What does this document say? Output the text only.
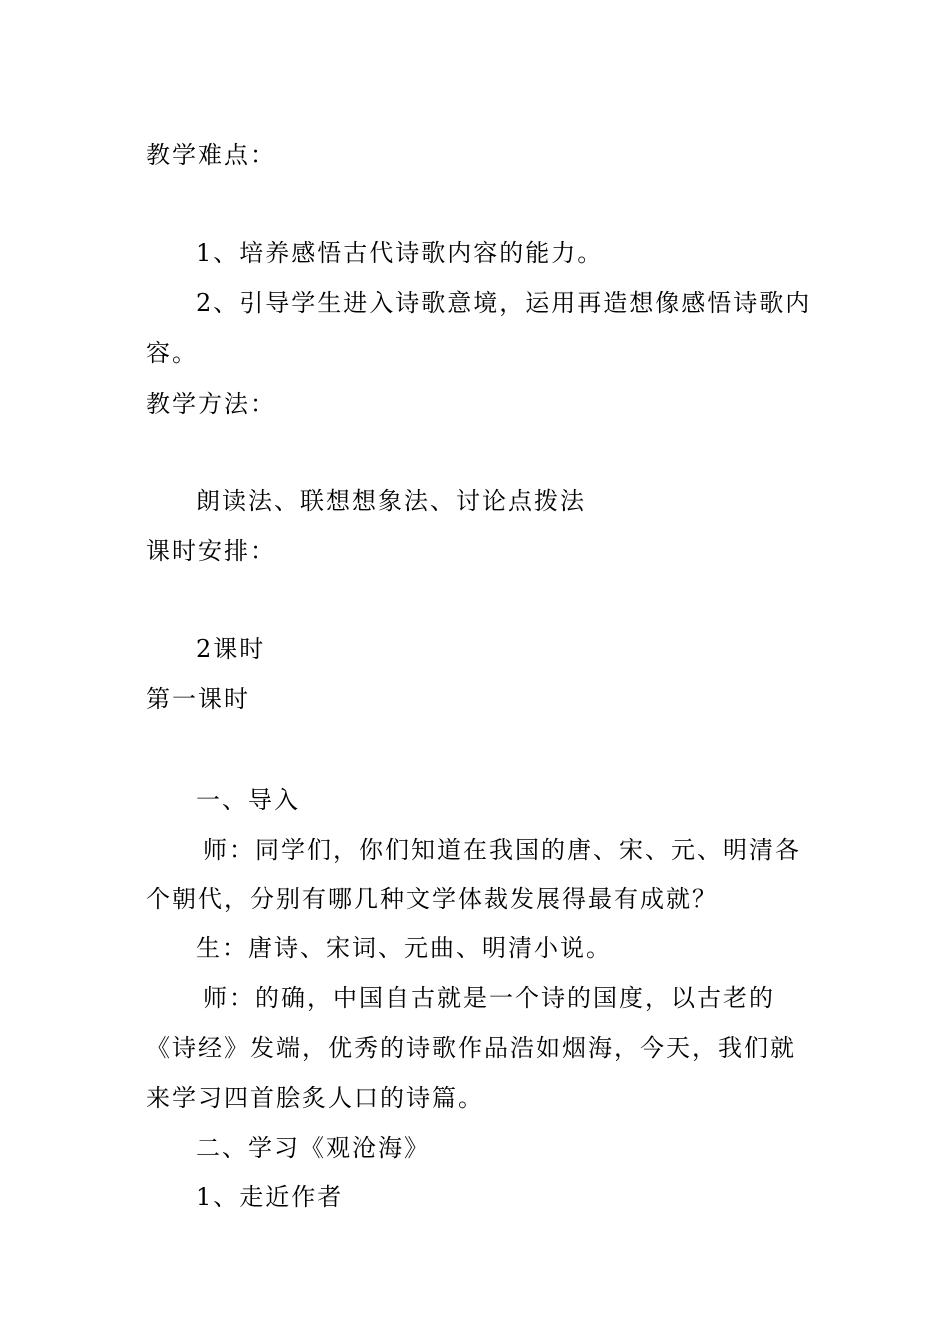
教学难点：
1、培养感悟古代诗歌内容的能力。
2、引导学生进入诗歌意境，运用再造想像感悟诗歌内
容。
教学方法：
朗读法、联想想象法、讨论点拨法
课时安排：
2课时
第一课时
一、导入
师：同学们，你们知道在我国的唐、宋、元、明清各
个朝代，分别有哪几种文学体裁发展得最有成就？
生：唐诗、宋词、元曲、明清小说。
师：的确，中国自古就是一个诗的国度，以古老的
《诗经》发端，优秀的诗歌作品浩如烟海，今天，我们就
来学习四首脍炙人口的诗篇。
二、学习《观沧海》
1、走近作者
